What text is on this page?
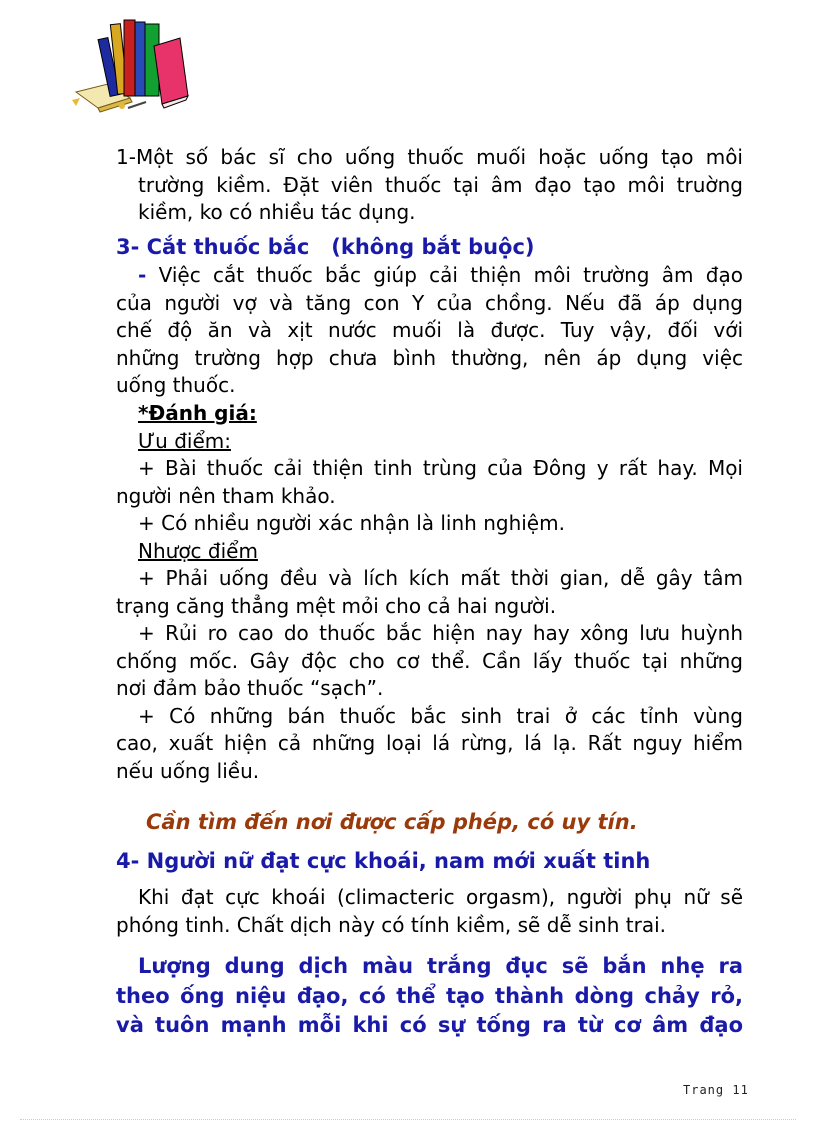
1-Một số bác sĩ cho uống thuốc muối hoặc uống tạo môi
trường kiềm. Đặt viên thuốc tại âm đạo tạo môi truờng
kiềm, ko có nhiều tác dụng.
3- Cắt thuốc bắc   (không bắt buộc)
- Việc cắt thuốc bắc giúp cải thiện môi trường âm đạo
của người vợ và tăng con Y của chồng. Nếu đã áp dụng
chế độ ăn và xịt nước muối là được. Tuy vậy, đối với
những trường hợp chưa bình thường, nên áp dụng việc
uống thuốc.
*Đánh giá:
Ưu điểm:
+ Bài thuốc cải thiện tinh trùng của Đông y rất hay. Mọi
người nên tham khảo.
+ Có nhiều người xác nhận là linh nghiệm.
Nhược điểm
+ Phải uống đều và lích kích mất thời gian, dễ gây tâm
trạng căng thẳng mệt mỏi cho cả hai người.
+ Rủi ro cao do thuốc bắc hiện nay hay xông lưu huỳnh
chống mốc. Gây độc cho cơ thể. Cần lấy thuốc tại những
nơi đảm bảo thuốc “sạch”.
+ Có những bán thuốc bắc sinh trai ở các tỉnh vùng
cao, xuất hiện cả những loại lá rừng, lá lạ. Rất nguy hiểm
nếu uống liều.
Cần tìm đến nơi được cấp phép, có uy tín.
4- Người nữ đạt cực khoái, nam mới xuất tinh
Khi đạt cực khoái (climacteric orgasm), người phụ nữ sẽ
phóng tinh. Chất dịch này có tính kiềm, sẽ dễ sinh trai.
Lượng dung dịch màu trắng đục sẽ bắn nhẹ ra
theo ống niệu đạo, có thể tạo thành dòng chảy rỏ,
và tuôn mạnh mỗi khi có sự tống ra từ cơ âm đạo
Trang 11
